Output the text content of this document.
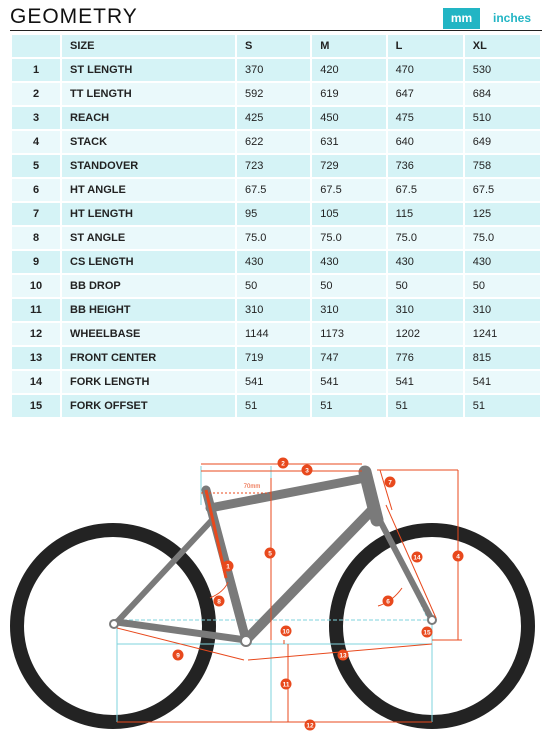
GEOMETRY	mm	inches
	SIZE	S	M	L	XL
1	ST LENGTH	370	420	470	530
2	TT LENGTH	592	619	647	684
3	REACH	425	450	475	510
4	STACK	622	631	640	649
5	STANDOVER	723	729	736	758
6	HT ANGLE	67.5	67.5	67.5	67.5
7	HT LENGTH	95	105	115	125
8	ST ANGLE	75.0	75.0	75.0	75.0
9	CS LENGTH	430	430	430	430
10	BB DROP	50	50	50	50
11	BB HEIGHT	310	310	310	310
12	WHEELBASE	1144	1173	1202	1241
13	FRONT CENTER	719	747	776	815
14	FORK LENGTH	541	541	541	541
15	FORK OFFSET	51	51	51	51
70mm
1
2
3
4
5
6
7
8
9
10
11
12
13
14
15
